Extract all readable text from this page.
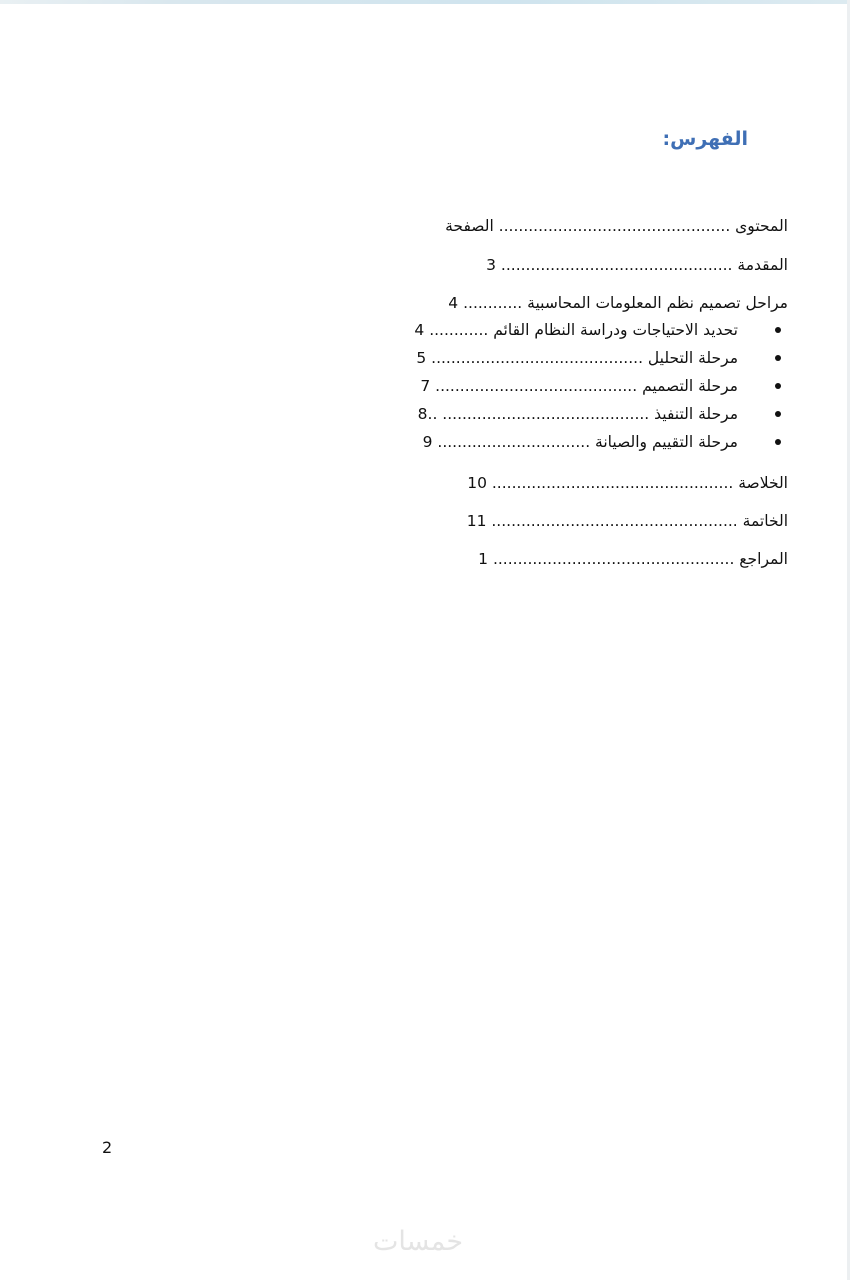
الفهرس:
المحتوى ............................................... الصفحة
المقدمة ............................................... 3
مراحل تصميم نظم المعلومات المحاسبية ............ 4
تحديد الاحتياجات ودراسة النظام القائم ............ 4
مرحلة التحليل ........................................... 5
مرحلة التصميم ......................................... 7
مرحلة التنفيذ .......................................... ..8
مرحلة التقييم والصيانة ............................... 9
الخلاصة ................................................. 10
الخاتمة .................................................. 11
المراجع ................................................. 1
2
خمسات
